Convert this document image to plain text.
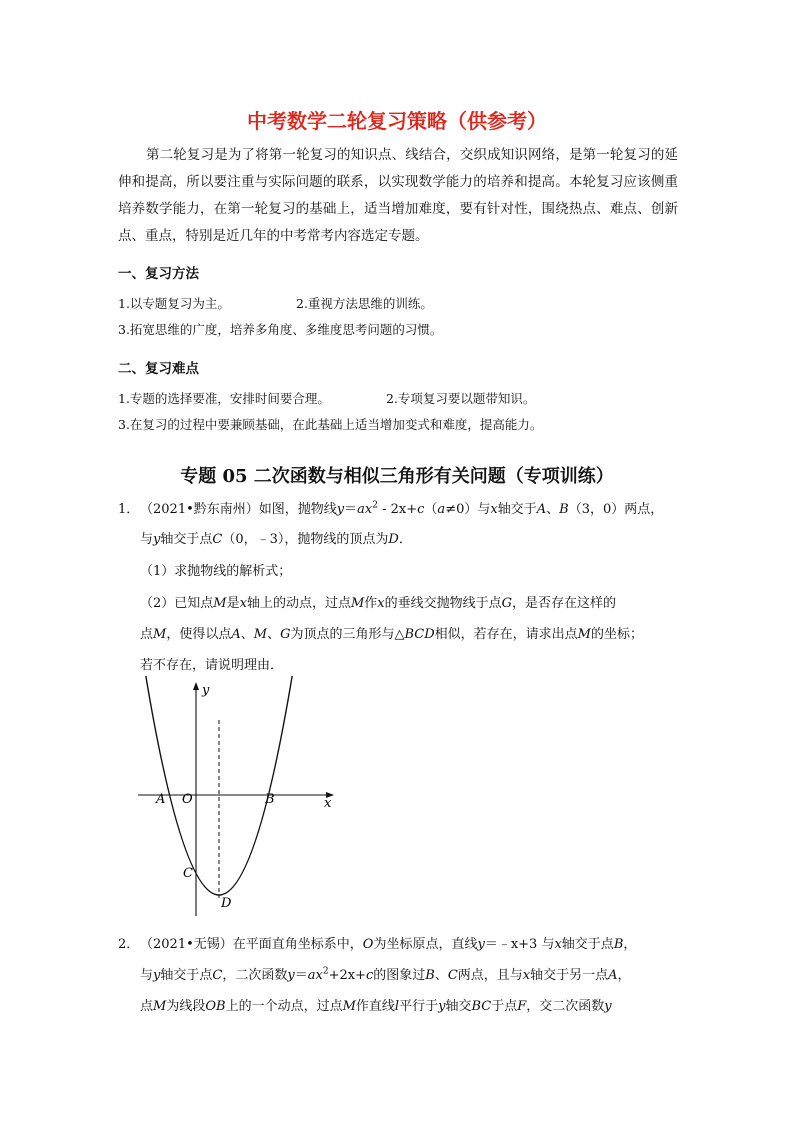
中考数学二轮复习策略（供参考）
第二轮复习是为了将第一轮复习的知识点、线结合，交织成知识网络，是第一轮复习的延伸和提高，所以要注重与实际问题的联系，以实现数学能力的培养和提高。本轮复习应该侧重培养数学能力，在第一轮复习的基础上，适当增加难度，要有针对性，围绕热点、难点、创新点、重点，特别是近几年的中考常考内容选定专题。
一、复习方法
1.以专题复习为主。	2.重视方法思维的训练。
3.拓宽思维的广度，培养多角度、多维度思考问题的习惯。
二、复习难点
1.专题的选择要准，安排时间要合理。	2.专项复习要以题带知识。
3.在复习的过程中要兼顾基础，在此基础上适当增加变式和难度，提高能力。
专题 05 二次函数与相似三角形有关问题（专项训练）
1． （2021•黔东南州）如图，抛物线$y=ax^2 - 2x+c(a\ne 0)$与x轴交于A、B（3，0）两点，
与y轴交于点C（0，﹣3），抛物线的顶点为D．
（1）求抛物线的解析式；
（2）已知点M是x轴上的动点，过点M作x的垂线交抛物线于点G，是否存在这样的
点M，使得以点A、M、G为顶点的三角形与△BCD相似，若存在，请求出点M的坐标；
若不存在，请说明理由．
y
x
A O	B
C
D
2． （2021•无锡）在平面直角坐标系中，O为坐标原点，直线y＝﹣x+3 与x轴交于点B，
与y轴交于点C，二次函数$y=ax^2+2x+c$的图象过B、C两点，且与x轴交于另一点A，
点M为线段OB上的一个动点，过点M作直线l平行于y轴交BC于点F，交二次函数y
